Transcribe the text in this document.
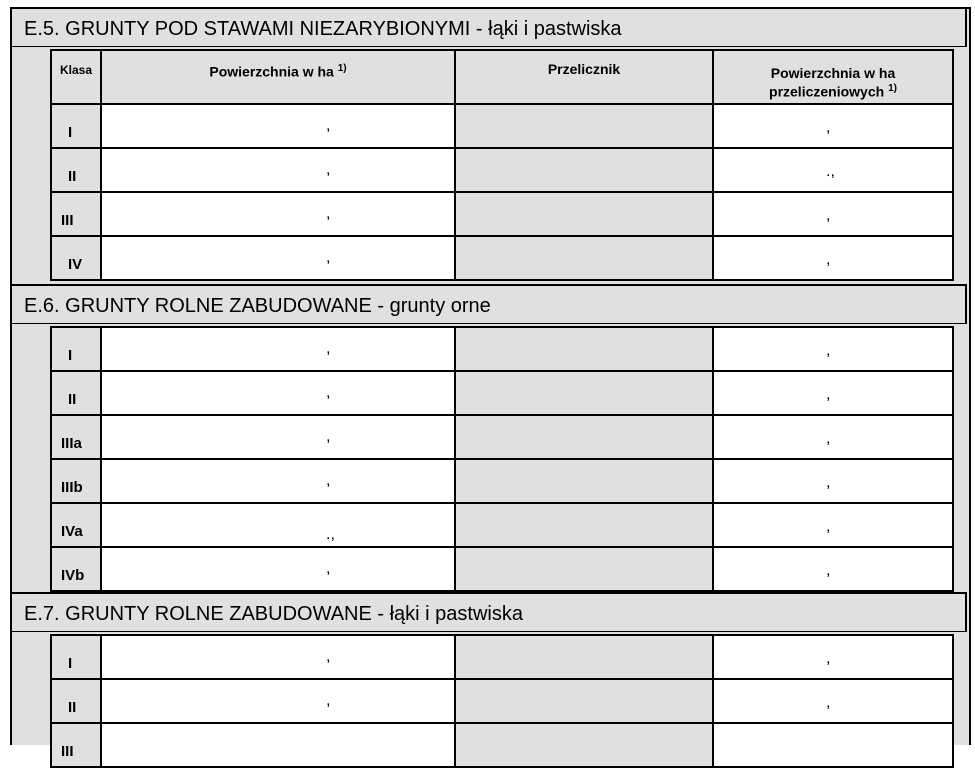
E.5. GRUNTY POD STAWAMI NIEZARYBIONYMI - łąki i pastwiska
Klasa	Powierzchnia w ha $^{1)}$	Przelicznik	Powierzchnia w ha
przeliczeniowych $^{1)}$

I	,		,

II	,		.,

III	,		,

IV	,		,
E.6. GRUNTY ROLNE ZABUDOWANE - grunty orne
I	,		,

II	,		,

IIIa	,		,

IIIb	,		,

IVa	.,		,

IVb	,		,
E.7. GRUNTY ROLNE ZABUDOWANE - łąki i pastwiska
I	,		,

II	,		,

III			
